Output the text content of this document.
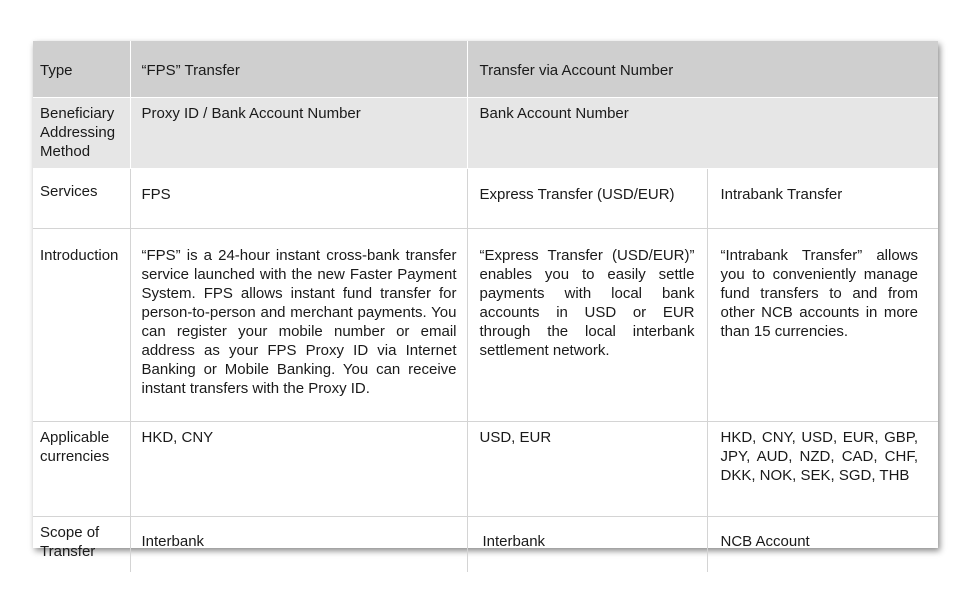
Type	“FPS” Transfer	Transfer via Account Number	

Beneficiary Addressing Method	Proxy ID / Bank Account Number	Bank Account Number	
Services	FPS	Express Transfer (USD/EUR)	Intrabank Transfer
Introduction	“FPS” is a 24-hour instant cross-bank transfer service launched with the new Faster Payment System. FPS allows instant fund transfer for person-to-person and merchant payments. You can register your mobile number or email address as your FPS Proxy ID via Internet Banking or Mobile Banking. You can receive instant transfers with the Proxy ID.	“Express Transfer (USD/EUR)” enables you to easily settle payments with local bank accounts in USD or EUR through the local interbank settlement network.	“Intrabank Transfer” allows you to conveniently manage fund transfers to and from other NCB accounts in more than 15 currencies.
Applicable currencies	HKD, CNY	USD, EUR	HKD, CNY, USD, EUR, GBP, JPY, AUD, NZD, CAD, CHF, DKK, NOK, SEK, SGD, THB
Scope of Transfer	Interbank	Interbank	NCB Account
